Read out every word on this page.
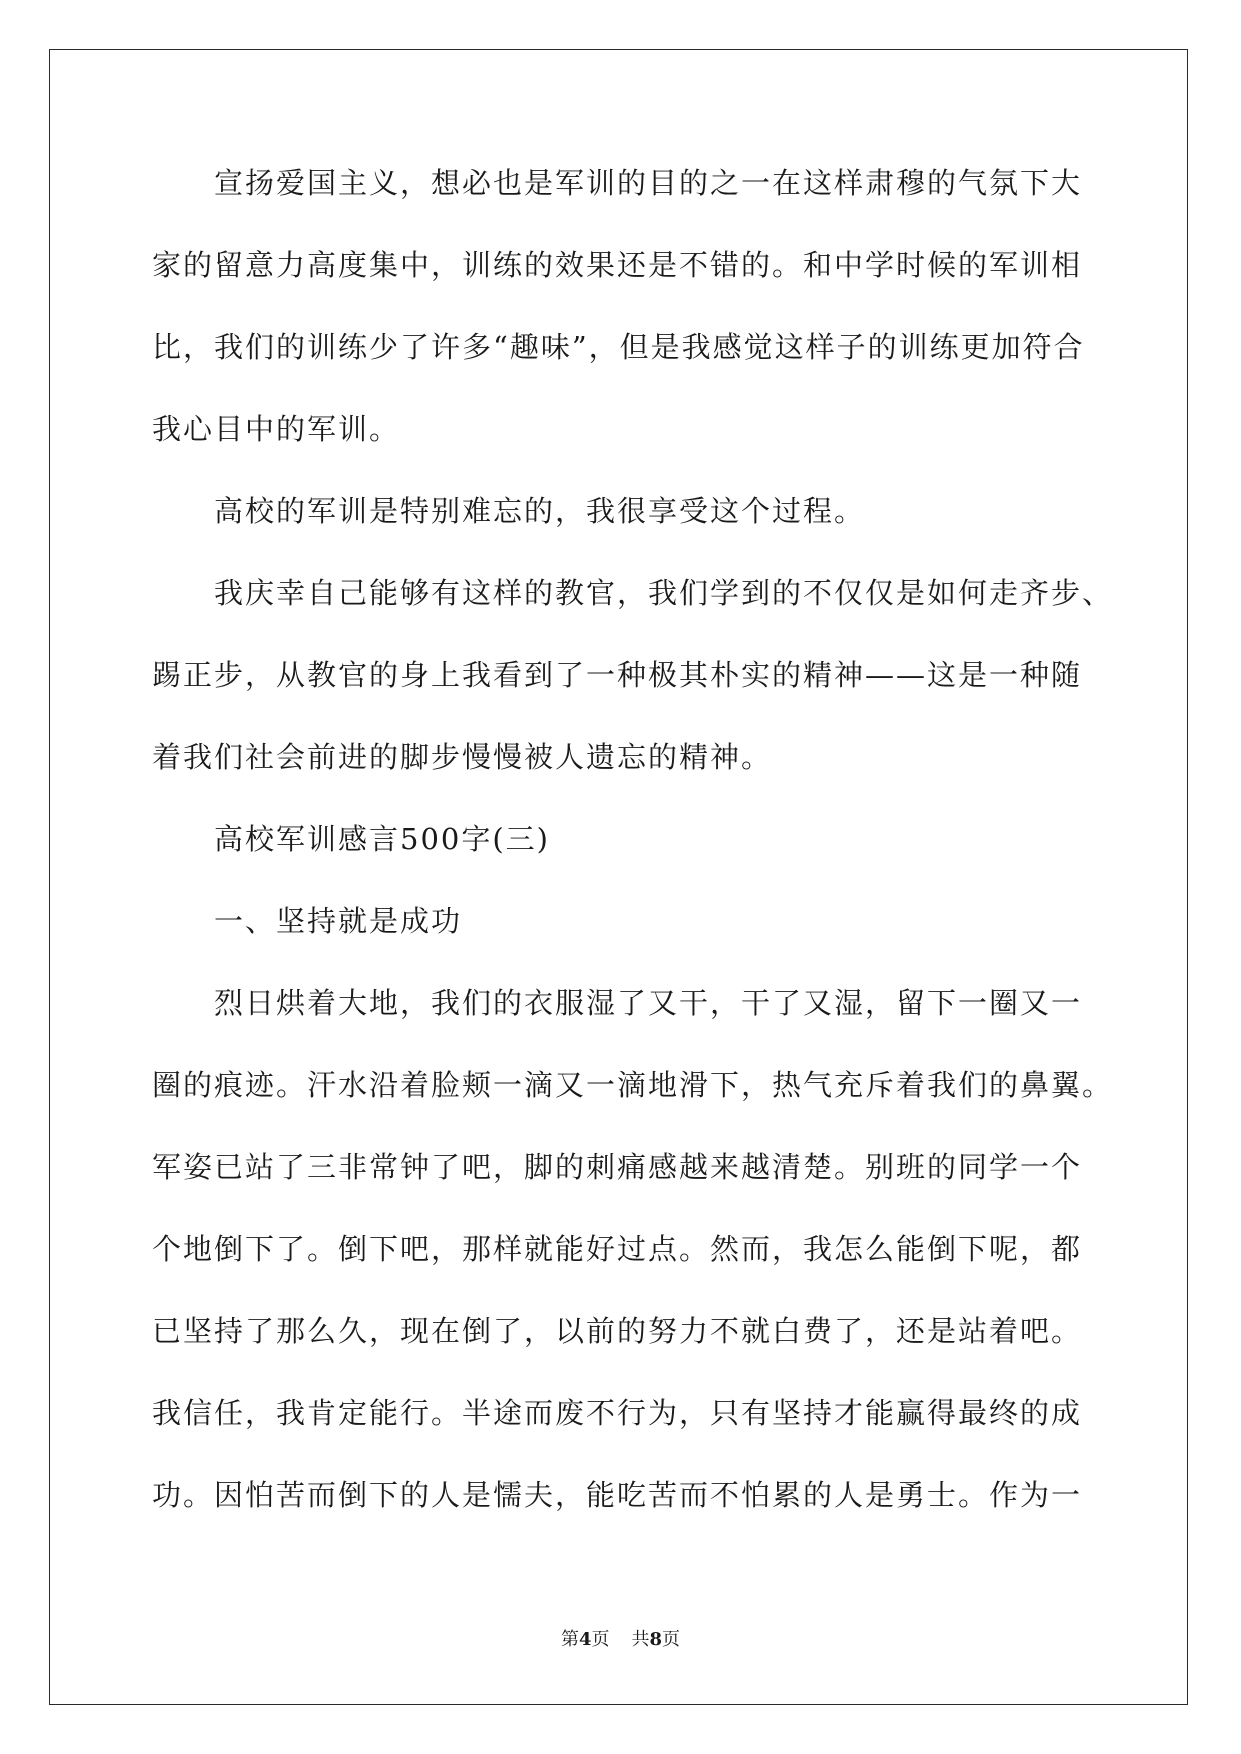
宣扬爱国主义，想必也是军训的目的之一在这样肃穆的气氛下大
家的留意力高度集中，训练的效果还是不错的。和中学时候的军训相
比，我们的训练少了许多“趣味”，但是我感觉这样子的训练更加符合
我心目中的军训。
高校的军训是特别难忘的，我很享受这个过程。
我庆幸自己能够有这样的教官，我们学到的不仅仅是如何走齐步、
踢正步，从教官的身上我看到了一种极其朴实的精神——这是一种随
着我们社会前进的脚步慢慢被人遗忘的精神。
高校军训感言500字(三)
一、坚持就是成功
烈日烘着大地，我们的衣服湿了又干，干了又湿，留下一圈又一
圈的痕迹。汗水沿着脸颊一滴又一滴地滑下，热气充斥着我们的鼻翼。
军姿已站了三非常钟了吧，脚的刺痛感越来越清楚。别班的同学一个
个地倒下了。倒下吧，那样就能好过点。然而，我怎么能倒下呢，都
已坚持了那么久，现在倒了，以前的努力不就白费了，还是站着吧。
我信任，我肯定能行。半途而废不行为，只有坚持才能赢得最终的成
功。因怕苦而倒下的人是懦夫，能吃苦而不怕累的人是勇士。作为一
第4页 共8页
